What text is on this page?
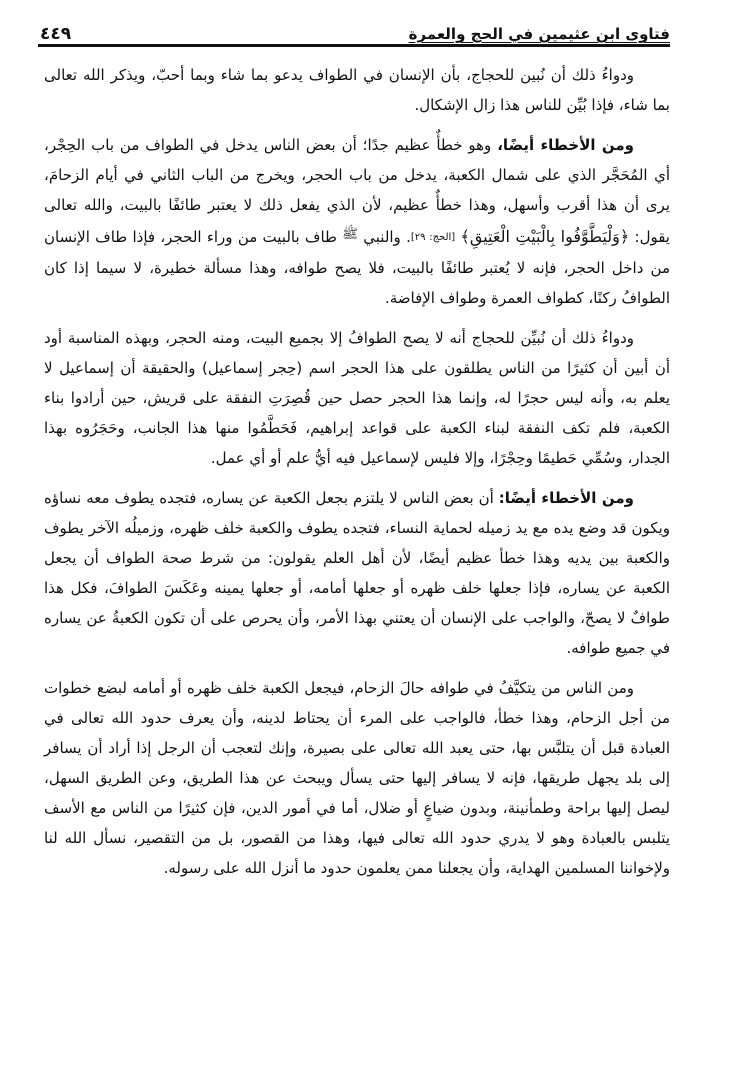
فتاوى ابن عثيمين في الحج والعمرة
٤٤٩

ودواءُ ذلك أن نُبين للحجاج، بأن الإنسان في الطواف يدعو بما شاء وبما أحبّ، ويذكر الله تعالى بما شاء، فإذا بُيِّن للناس هذا زال الإشكال.

ومن الأخطاء أيضًا، وهو خطأٌ عظيم جدًا؛ أن بعض الناس يدخل في الطواف من باب الحِجْر، أي المُحَجَّر الذي على شمال الكعبة، يدخل من باب الحجر، ويخرج من الباب الثاني في أيام الزحامَ، يرى أن هذا أقرب وأسهل، وهذا خطأٌ عظيم، لأن الذي يفعل ذلك لا يعتبر طائفًا بالبيت، والله تعالى يقول: ﴿وَلْيَطَّوَّفُوا بِالْبَيْتِ الْعَتِيقِ﴾ [الحج: ٢٩]. والنبي ﷺ طاف بالبيت من وراء الحجر، فإذا طاف الإنسان من داخل الحجر، فإنه لا يُعتبر طائفًا بالبيت، فلا يصح طوافه، وهذا مسألة خطيرة، لا سيما إذا كان الطوافُ ركنًا، كطواف العمرة وطواف الإفاضة.

ودواءُ ذلك أن نُبيِّن للحجاج أنه لا يصح الطوافُ إلا بجميع البيت، ومنه الحجر، وبهذه المناسبة أود أن أبين أن كثيرًا من الناس يطلقون على هذا الحجر اسم (حِجر إسماعيل) والحقيقة أن إسماعيل لا يعلم به، وأنه ليس حجرًا له، وإنما هذا الحجر حصل حين قُصِرَتِ النفقة على قريش، حين أرادوا بناء الكعبة، فلم تكف النفقة لبناء الكعبة على قواعد إبراهيم، فَحَطَّمُوا منها هذا الجانب، وحَجَرُوه بهذا الجدار، وسُمِّي حَطيمًا وحِجْرًا، وإلا فليس لإسماعيل فيه أيُّ علم أو أي عمل.

ومن الأخطاء أيضًا: أن بعض الناس لا يلتزم بجعل الكعبة عن يساره، فتجده يطوف معه نساؤه ويكون قد وضع يده مع يد زميله لحماية النساء، فتجده يطوف والكعبة خلف ظهره، وزميلُه الآخر يطوف والكعبة بين يديه وهذا خطأ عظيم أيضًا، لأن أهل العلم يقولون: من شرط صحة الطواف أن يجعل الكعبة عن يساره، فإذا جعلها خلف ظهره أو جعلها أمامه، أو جعلها يمينه وعَكَسَ الطوافَ، فكل هذا طوافٌ لا يصحّ، والواجب على الإنسان أن يعتني بهذا الأمر، وأن يحرص على أن تكون الكعبةُ عن يساره في جميع طوافه.

ومن الناس من يتكيَّفُ في طوافه حالَ الزحام، فيجعل الكعبة خلف ظهره أو أمامه لبضع خطوات من أجل الزحام، وهذا خطأ، فالواجب على المرء أن يحتاط لدينه، وأن يعرف حدود الله تعالى في العبادة قبل أن يتلبَّس بها، حتى يعبد الله تعالى على بصيرة، وإنك لتعجب أن الرجل إذا أراد أن يسافر إلى بلد يجهل طريقها، فإنه لا يسافر إليها حتى يسأل ويبحث عن هذا الطريق، وعن الطريق السهل، ليصل إليها براحة وطمأنينة، وبدون ضياعٍ أو ضلال، أما في أمور الدين، فإن كثيرًا من الناس مع الأسف يتلبس بالعبادة وهو لا يدري حدود الله تعالى فيها، وهذا من القصور، بل من التقصير، نسأل الله لنا ولإخواننا المسلمين الهداية، وأن يجعلنا ممن يعلمون حدود ما أنزل الله على رسوله.
